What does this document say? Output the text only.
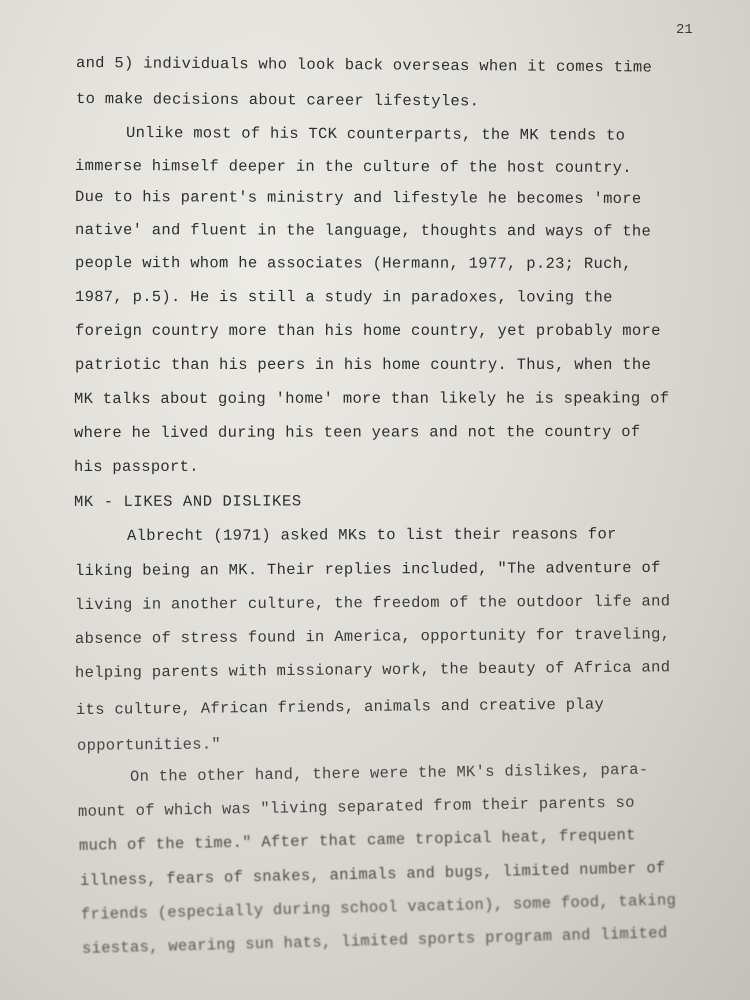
21
and 5) individuals who look back overseas when it comes time
to make decisions about career lifestyles.
Unlike most of his TCK counterparts, the MK tends to
immerse himself deeper in the culture of the host country.
Due to his parent's ministry and lifestyle he becomes 'more
native' and fluent in the language, thoughts and ways of the
people with whom he associates (Hermann, 1977, p.23; Ruch,
1987, p.5). He is still a study in paradoxes, loving the
foreign country more than his home country, yet probably more
patriotic than his peers in his home country. Thus, when the
MK talks about going 'home' more than likely he is speaking of
where he lived during his teen years and not the country of
his passport.
MK - LIKES AND DISLIKES
Albrecht (1971) asked MKs to list their reasons for
liking being an MK. Their replies included, "The adventure of
living in another culture, the freedom of the outdoor life and
absence of stress found in America, opportunity for traveling,
helping parents with missionary work, the beauty of Africa and
its culture, African friends, animals and creative play
opportunities."
On the other hand, there were the MK's dislikes, para-
mount of which was "living separated from their parents so
much of the time." After that came tropical heat, frequent
illness, fears of snakes, animals and bugs, limited number of
friends (especially during school vacation), some food, taking
siestas, wearing sun hats, limited sports program and limited
